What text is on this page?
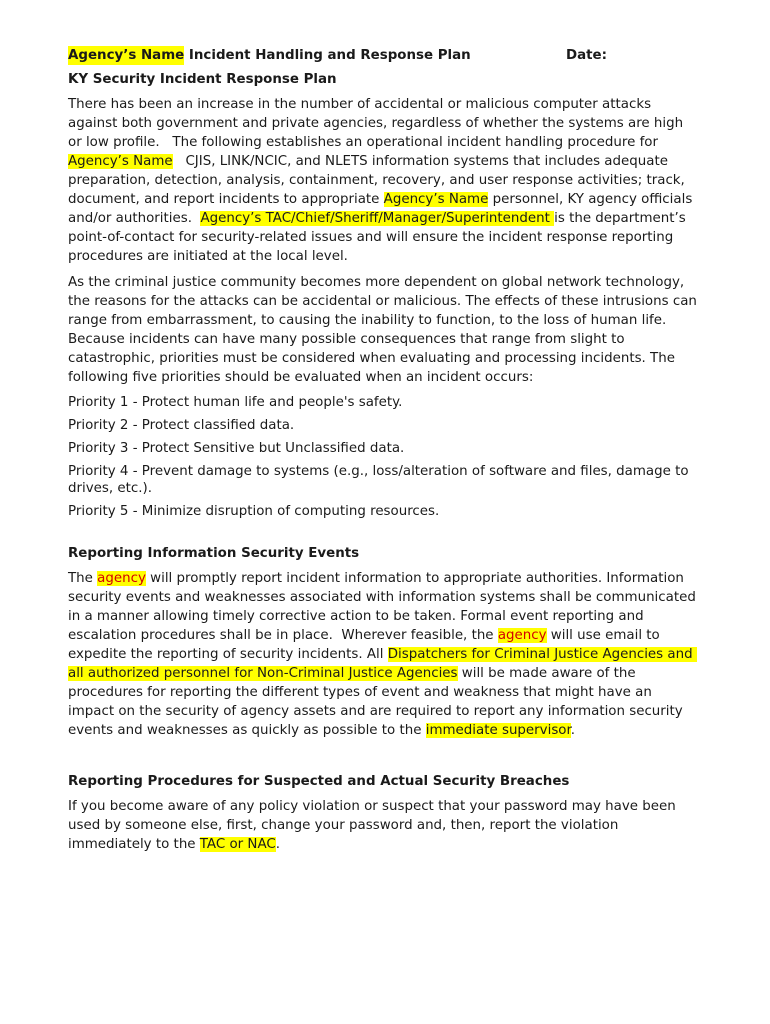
Agency’s Name Incident Handling and Response Plan	Date:

KY Security Incident Response Plan

There has been an increase in the number of accidental or malicious computer attacks against both government and private agencies, regardless of whether the systems are high or low profile.   The following establishes an operational incident handling procedure for Agency’s Name   CJIS, LINK/NCIC, and NLETS information systems that includes adequate preparation, detection, analysis, containment, recovery, and user response activities; track, document, and report incidents to appropriate Agency’s Name personnel, KY agency officials and/or authorities.  Agency’s TAC/Chief/Sheriff/Manager/Superintendent is the department’s point-of-contact for security-related issues and will ensure the incident response reporting procedures are initiated at the local level.

As the criminal justice community becomes more dependent on global network technology, the reasons for the attacks can be accidental or malicious. The effects of these intrusions can range from embarrassment, to causing the inability to function, to the loss of human life. Because incidents can have many possible consequences that range from slight to catastrophic, priorities must be considered when evaluating and processing incidents. The following five priorities should be evaluated when an incident occurs:

Priority 1 - Protect human life and people's safety.

Priority 2 - Protect classified data.

Priority 3 - Protect Sensitive but Unclassified data.

Priority 4 - Prevent damage to systems (e.g., loss/alteration of software and files, damage to drives, etc.).

Priority 5 - Minimize disruption of computing resources.

Reporting Information Security Events

The agency will promptly report incident information to appropriate authorities. Information security events and weaknesses associated with information systems shall be communicated in a manner allowing timely corrective action to be taken. Formal event reporting and escalation procedures shall be in place.  Wherever feasible, the agency will use email to expedite the reporting of security incidents. All Dispatchers for Criminal Justice Agencies and all authorized personnel for Non-Criminal Justice Agencies will be made aware of the procedures for reporting the different types of event and weakness that might have an impact on the security of agency assets and are required to report any information security events and weaknesses as quickly as possible to the immediate supervisor.

Reporting Procedures for Suspected and Actual Security Breaches

If you become aware of any policy violation or suspect that your password may have been used by someone else, first, change your password and, then, report the violation immediately to the TAC or NAC.
